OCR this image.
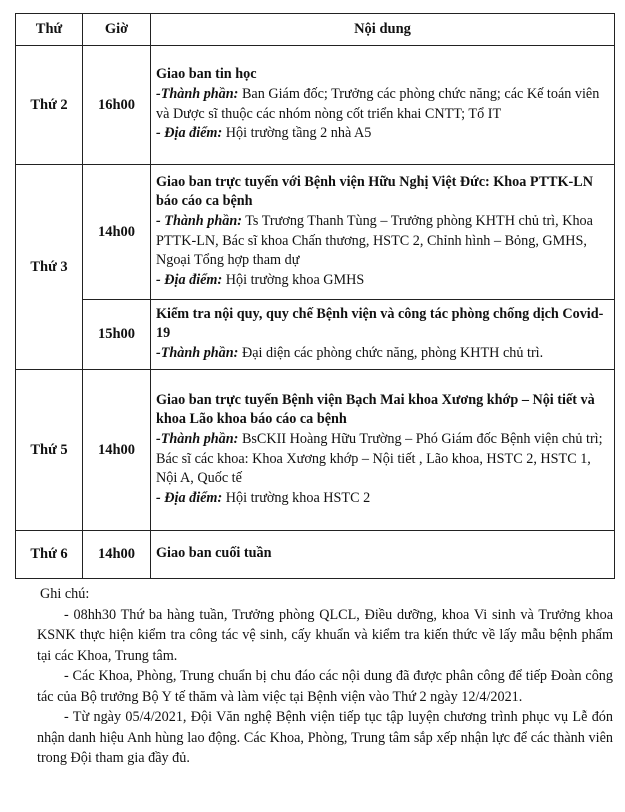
Thứ	Giờ	Nội dung
Thứ 2	16h00	Giao ban tin học
-Thành phần: Ban Giám đốc; Trưởng các phòng chức năng; các Kế toán viên và Dược sĩ thuộc các nhóm nòng cốt triển khai CNTT; Tổ IT
- Địa điểm: Hội trường tầng 2 nhà A5

Thứ 3	14h00	Giao ban trực tuyến với Bệnh viện Hữu Nghị Việt Đức: Khoa PTTK-LN báo cáo ca bệnh
- Thành phần: Ts Trương Thanh Tùng – Trưởng phòng KHTH chủ trì, Khoa PTTK-LN, Bác sĩ khoa Chấn thương, HSTC 2, Chỉnh hình – Bỏng, GMHS, Ngoại Tổng hợp tham dự
- Địa điểm: Hội trường khoa GMHS

	15h00	Kiểm tra nội quy, quy chế Bệnh viện và công tác phòng chống dịch Covid-19
-Thành phần: Đại diện các phòng chức năng, phòng KHTH chủ trì.

Thứ 5	14h00	Giao ban trực tuyến Bệnh viện Bạch Mai khoa Xương khớp – Nội tiết và khoa Lão khoa báo cáo ca bệnh
-Thành phần: BsCKII Hoàng Hữu Trường – Phó Giám đốc Bệnh viện chủ trì; Bác sĩ các khoa: Khoa Xương khớp – Nội tiết , Lão khoa, HSTC 2, HSTC 1, Nội A, Quốc tế
- Địa điểm: Hội trường khoa HSTC 2

Thứ 6	14h00	Giao ban cuối tuần
Ghi chú:
- 08hh30 Thứ ba hàng tuần, Trưởng phòng QLCL, Điều dưỡng, khoa Vi sinh và Trưởng khoa KSNK thực hiện kiểm tra công tác vệ sinh, cấy khuẩn và kiểm tra kiến thức về lấy mẫu bệnh phẩm tại các Khoa, Trung tâm.
- Các Khoa, Phòng, Trung chuẩn bị chu đáo các nội dung đã được phân công để tiếp Đoàn công tác của Bộ trưởng Bộ Y tế thăm và làm việc tại Bệnh viện vào Thứ 2 ngày 12/4/2021.
- Từ ngày 05/4/2021, Đội Văn nghệ Bệnh viện tiếp tục tập luyện chương trình phục vụ Lễ đón nhận danh hiệu Anh hùng lao động. Các Khoa, Phòng, Trung tâm sắp xếp nhận lực để các thành viên trong Đội tham gia đầy đủ.
